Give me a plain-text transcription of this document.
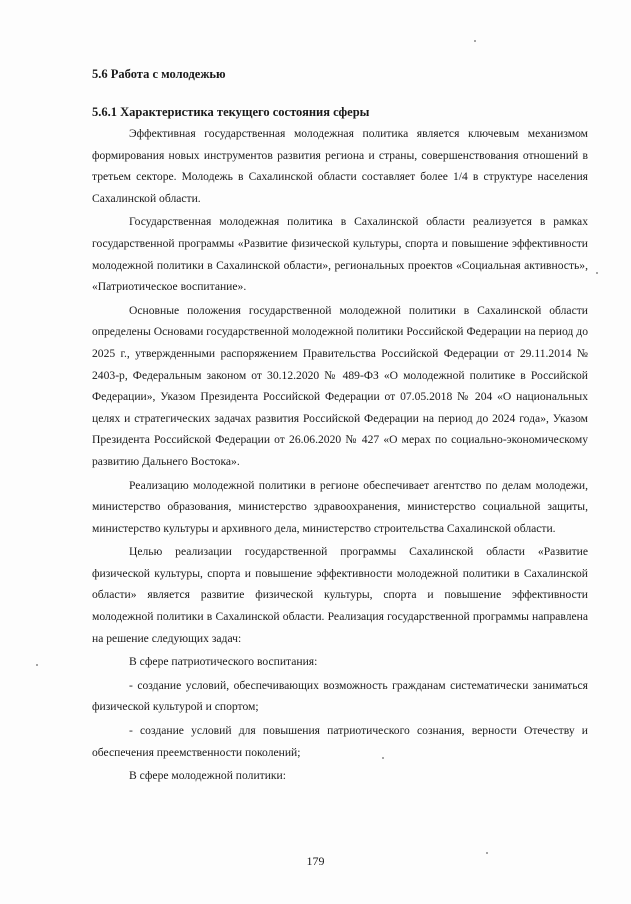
5.6 Работа с молодежью
5.6.1 Характеристика текущего состояния сферы

Эффективная государственная молодежная политика является ключевым механизмом формирования новых инструментов развития региона и страны, совершенствования отношений в третьем секторе. Молодежь в Сахалинской области составляет более 1/4 в структуре населения Сахалинской области.

Государственная молодежная политика в Сахалинской области реализуется в рамках государственной программы «Развитие физической культуры, спорта и повышение эффективности молодежной политики в Сахалинской области», региональных проектов «Социальная активность», «Патриотическое воспитание».

Основные положения государственной молодежной политики в Сахалинской области определены Основами государственной молодежной политики Российской Федерации на период до 2025 г., утвержденными распоряжением Правительства Российской Федерации от 29.11.2014 № 2403-р, Федеральным законом от 30.12.2020 № 489-ФЗ «О молодежной политике в Российской Федерации», Указом Президента Российской Федерации от 07.05.2018 № 204 «О национальных целях и стратегических задачах развития Российской Федерации на период до 2024 года», Указом Президента Российской Федерации от 26.06.2020 № 427 «О мерах по социально-экономическому развитию Дальнего Востока».

Реализацию молодежной политики в регионе обеспечивает агентство по делам молодежи, министерство образования, министерство здравоохранения, министерство социальной защиты, министерство культуры и архивного дела, министерство строительства Сахалинской области.

Целью реализации государственной программы Сахалинской области «Развитие физической культуры, спорта и повышение эффективности молодежной политики в Сахалинской области» является развитие физической культуры, спорта и повышение эффективности молодежной политики в Сахалинской области. Реализация государственной программы направлена на решение следующих задач:

В сфере патриотического воспитания:

- создание условий, обеспечивающих возможность гражданам систематически заниматься физической культурой и спортом;

- создание условий для повышения патриотического сознания, верности Отечеству и обеспечения преемственности поколений;

В сфере молодежной политики:

179
